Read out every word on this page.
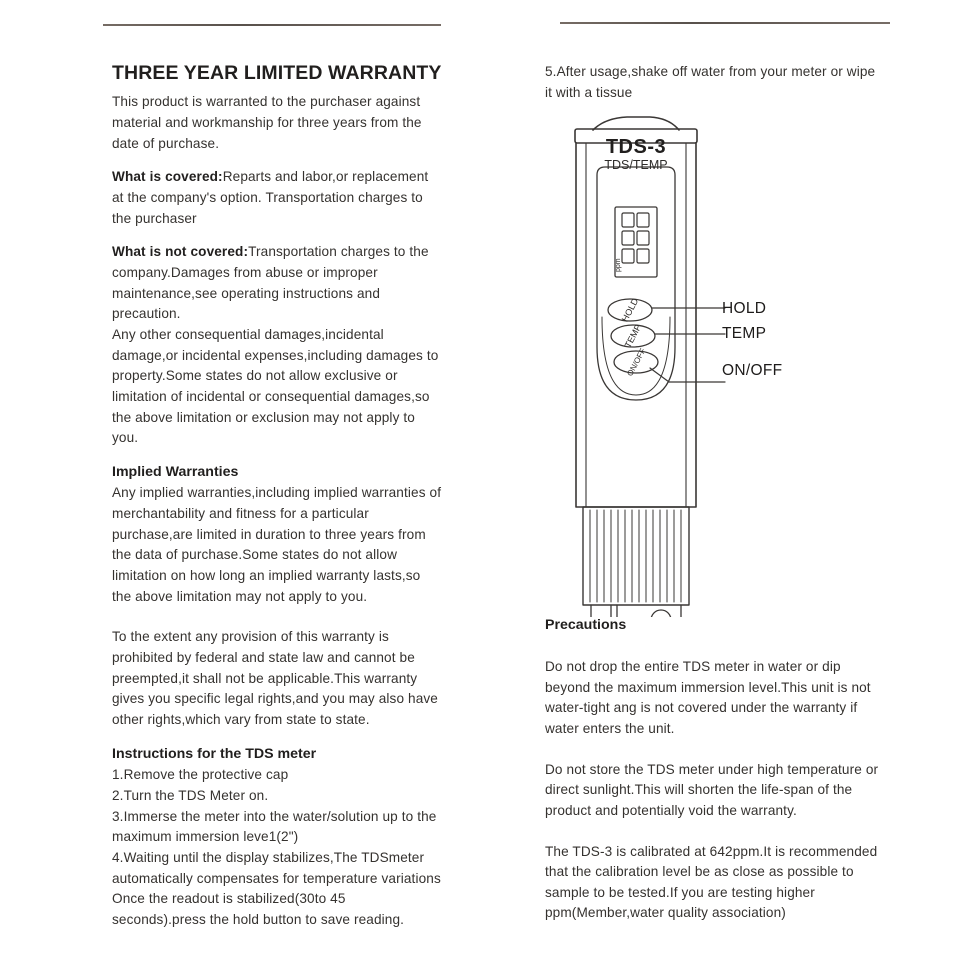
THREE YEAR LIMITED WARRANTY

This product is warranted to the purchaser against material and workmanship for three years from the date of purchase.

What is covered:Reparts and labor,or replacement at the company's option. Transportation charges to the purchaser

What is not covered:Transportation charges to the company.Damages from abuse or improper maintenance,see operating instructions and precaution.

Any other consequential damages,incidental damage,or incidental expenses,including damages to property.Some states do not allow exclusive or limitation of incidental or consequential damages,so the above limitation or exclusion may not apply to you.

Implied Warranties

Any implied warranties,including implied warranties of merchantability and fitness for a particular purchase,are limited in duration to three years from the data of purchase.Some states do not allow limitation on how long an implied warranty lasts,so the above limitation may not apply to you.

To the extent any provision of this warranty is prohibited by federal and state law and cannot be preempted,it shall not be applicable.This warranty gives you specific legal rights,and you may also have other rights,which vary from state to state.

Instructions for the TDS meter

1.Remove the protective cap

2.Turn the TDS Meter on.

3.Immerse the meter into the water/solution up to the maximum immersion leve1(2")

4.Waiting until the display stabilizes,The TDSmeter automatically compensates for temperature variations Once the readout is stabilized(30to 45 seconds).press the hold button to save reading.

5.After usage,shake off water from your meter or wipe it with a tissue

Precautions

Do not drop the entire TDS meter in water or dip beyond the maximum immersion level.This unit is not water-tight ang is not covered under the warranty if water enters the unit.

Do not store the TDS meter under high temperature or direct sunlight.This will shorten the life-span of the product and potentially void the warranty.

The TDS-3 is calibrated at 642ppm.It is recommended that the calibration level be as close as possible to sample to be tested.If you are testing higher ppm(Member,water quality association)

TDS-3
TDS/TEMP
ppm
HOLD
TEMP
ON/OFF
HOLD
TEMP
ON/OFF
